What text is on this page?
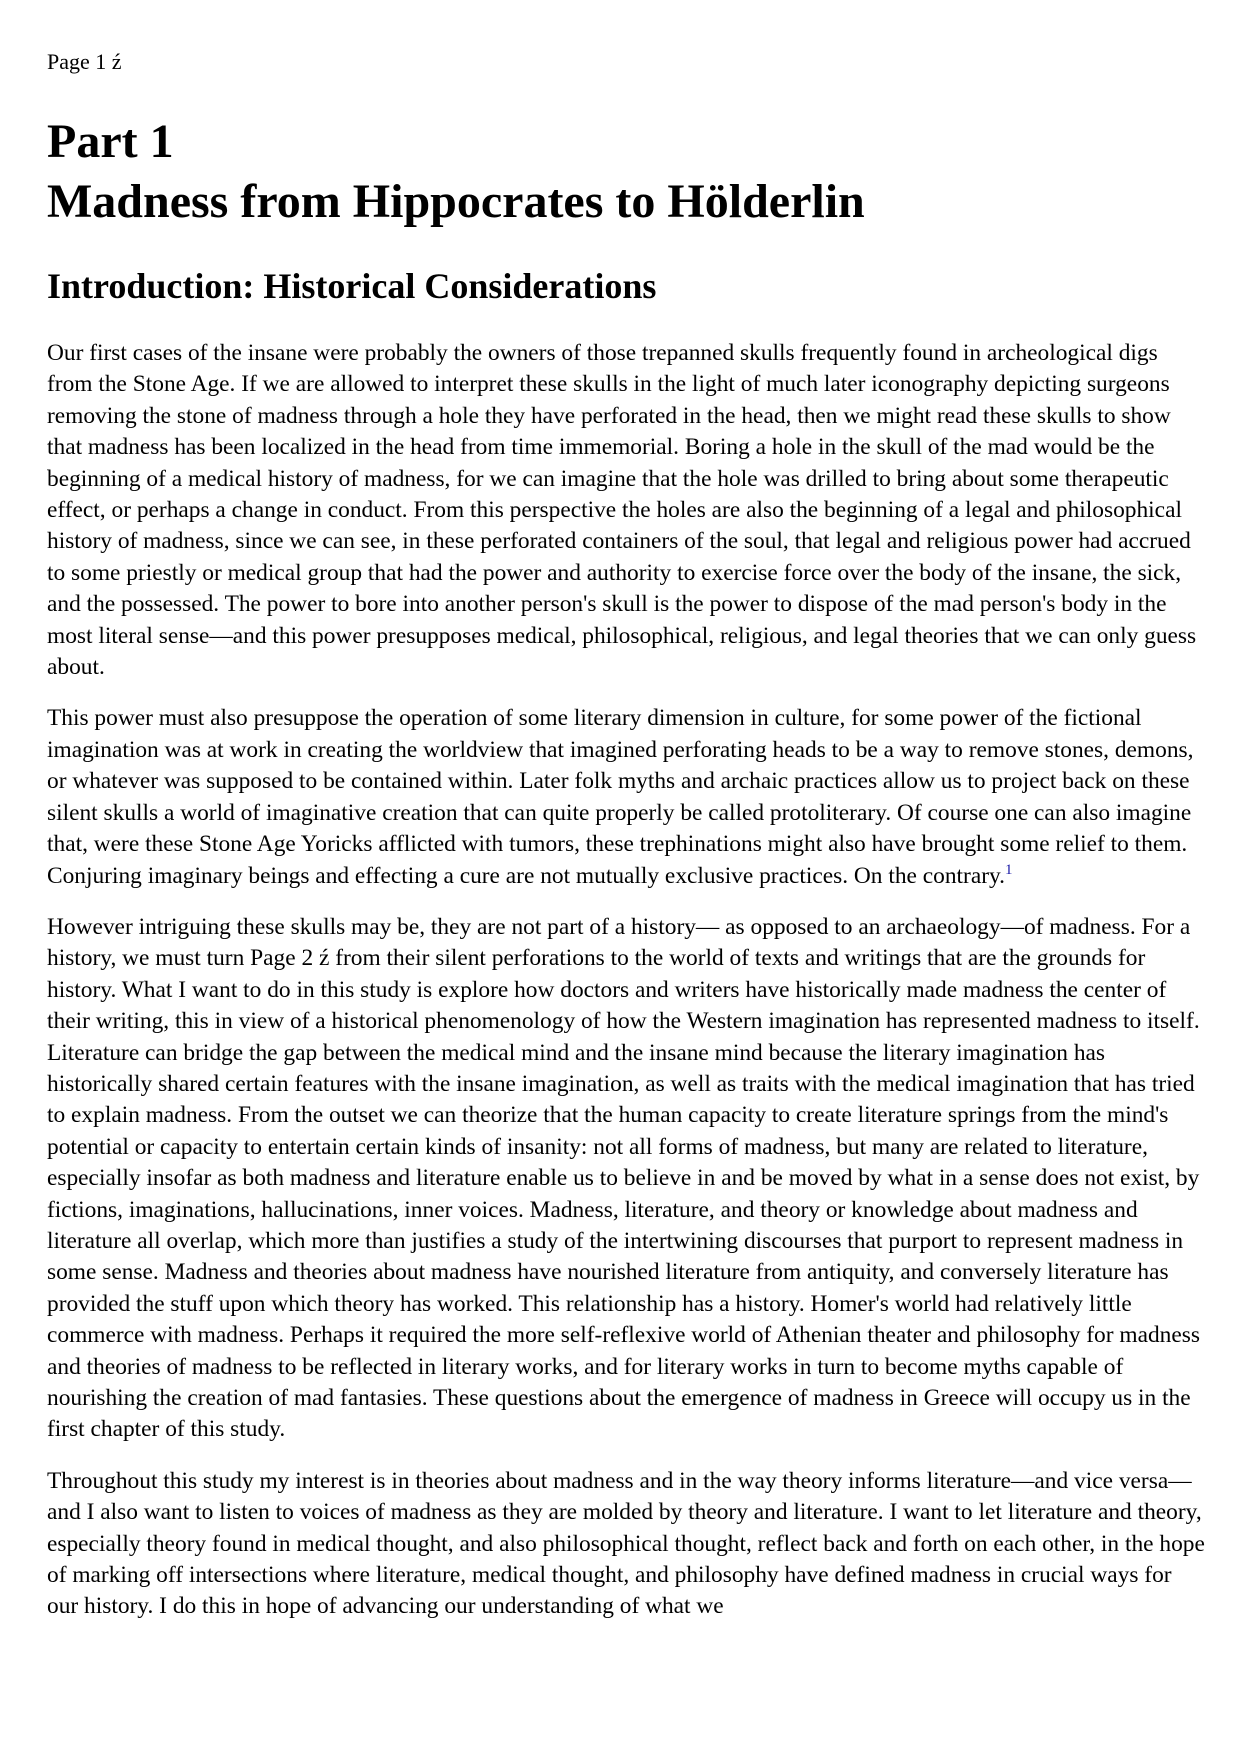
Page 1 ź

Part 1
Madness from Hippocrates to Hölderlin
Introduction: Historical Considerations

Our first cases of the insane were probably the owners of those trepanned skulls frequently found in archeological digs from the Stone Age. If we are allowed to interpret these skulls in the light of much later iconography depicting surgeons removing the stone of madness through a hole they have perforated in the head, then we might read these skulls to show that madness has been localized in the head from time immemorial. Boring a hole in the skull of the mad would be the beginning of a medical history of madness, for we can imagine that the hole was drilled to bring about some therapeutic effect, or perhaps a change in conduct. From this perspective the holes are also the beginning of a legal and philosophical history of madness, since we can see, in these perforated containers of the soul, that legal and religious power had accrued to some priestly or medical group that had the power and authority to exercise force over the body of the insane, the sick, and the possessed. The power to bore into another person's skull is the power to dispose of the mad person's body in the most literal sense—and this power presupposes medical, philosophical, religious, and legal theories that we can only guess about.

This power must also presuppose the operation of some literary dimension in culture, for some power of the fictional imagination was at work in creating the worldview that imagined perforating heads to be a way to remove stones, demons, or whatever was supposed to be contained within. Later folk myths and archaic practices allow us to project back on these silent skulls a world of imaginative creation that can quite properly be called protoliterary. Of course one can also imagine that, were these Stone Age Yoricks afflicted with tumors, these trephinations might also have brought some relief to them. Conjuring imaginary beings and effecting a cure are not mutually exclusive practices. On the contrary.$^1$

However intriguing these skulls may be, they are not part of a history— as opposed to an archaeology—of madness. For a history, we must turn Page 2 ź from their silent perforations to the world of texts and writings that are the grounds for history. What I want to do in this study is explore how doctors and writers have historically made madness the center of their writing, this in view of a historical phenomenology of how the Western imagination has represented madness to itself. Literature can bridge the gap between the medical mind and the insane mind because the literary imagination has historically shared certain features with the insane imagination, as well as traits with the medical imagination that has tried to explain madness. From the outset we can theorize that the human capacity to create literature springs from the mind's potential or capacity to entertain certain kinds of insanity: not all forms of madness, but many are related to literature, especially insofar as both madness and literature enable us to believe in and be moved by what in a sense does not exist, by fictions, imaginations, hallucinations, inner voices. Madness, literature, and theory or knowledge about madness and literature all overlap, which more than justifies a study of the intertwining discourses that purport to represent madness in some sense. Madness and theories about madness have nourished literature from antiquity, and conversely literature has provided the stuff upon which theory has worked. This relationship has a history. Homer's world had relatively little commerce with madness. Perhaps it required the more self-reflexive world of Athenian theater and philosophy for madness and theories of madness to be reflected in literary works, and for literary works in turn to become myths capable of nourishing the creation of mad fantasies. These questions about the emergence of madness in Greece will occupy us in the first chapter of this study.

Throughout this study my interest is in theories about madness and in the way theory informs literature—and vice versa—and I also want to listen to voices of madness as they are molded by theory and literature. I want to let literature and theory, especially theory found in medical thought, and also philosophical thought, reflect back and forth on each other, in the hope of marking off intersections where literature, medical thought, and philosophy have defined madness in crucial ways for our history. I do this in hope of advancing our understanding of what we
